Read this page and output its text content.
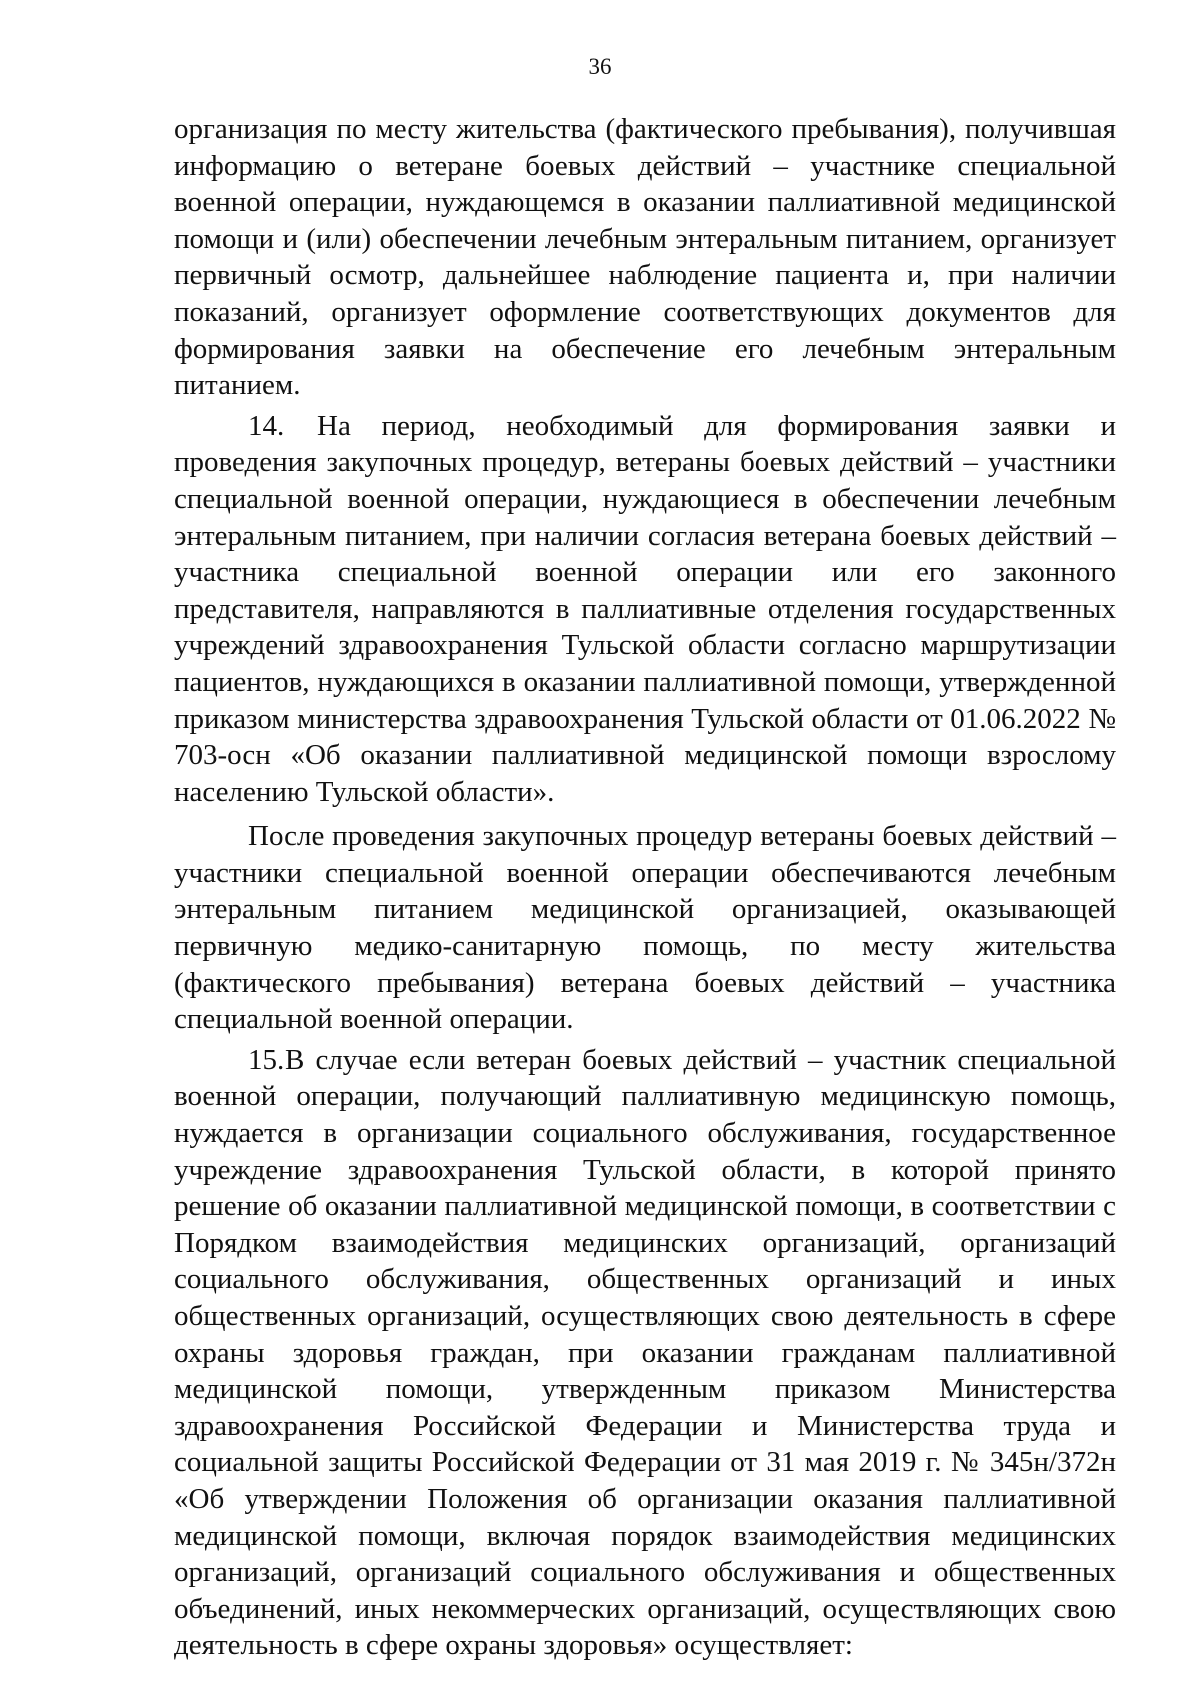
36

организация по месту жительства (фактического пребывания), получившая информацию о ветеране боевых действий – участнике специальной военной операции, нуждающемся в оказании паллиативной медицинской помощи и (или) обеспечении лечебным энтеральным питанием, организует первичный осмотр, дальнейшее наблюдение пациента и, при наличии показаний, организует оформление соответствующих документов для формирования заявки на обеспечение его лечебным энтеральным питанием.

14. На период, необходимый для формирования заявки и проведения закупочных процедур, ветераны боевых действий – участники специальной военной операции, нуждающиеся в обеспечении лечебным энтеральным питанием, при наличии согласия ветерана боевых действий – участника специальной военной операции или его законного представителя, направляются в паллиативные отделения государственных учреждений здравоохранения Тульской области согласно маршрутизации пациентов, нуждающихся в оказании паллиативной помощи, утвержденной приказом министерства здравоохранения Тульской области от 01.06.2022 № 703-осн «Об оказании паллиативной медицинской помощи взрослому населению Тульской области».

После проведения закупочных процедур ветераны боевых действий – участники специальной военной операции обеспечиваются лечебным энтеральным питанием медицинской организацией, оказывающей первичную медико-санитарную помощь, по месту жительства (фактического пребывания) ветерана боевых действий – участника специальной военной операции.

15.В случае если ветеран боевых действий – участник специальной военной операции, получающий паллиативную медицинскую помощь, нуждается в организации социального обслуживания, государственное учреждение здравоохранения Тульской области, в которой принято решение об оказании паллиативной медицинской помощи, в соответствии с Порядком взаимодействия медицинских организаций, организаций социального обслуживания, общественных организаций и иных общественных организаций, осуществляющих свою деятельность в сфере охраны здоровья граждан, при оказании гражданам паллиативной медицинской помощи, утвержденным приказом Министерства здравоохранения Российской Федерации и Министерства труда и социальной защиты Российской Федерации от 31 мая 2019 г. № 345н/372н «Об утверждении Положения об организации оказания паллиативной медицинской помощи, включая порядок взаимодействия медицинских организаций, организаций социального обслуживания и общественных объединений, иных некоммерческих организаций, осуществляющих свою деятельность в сфере охраны здоровья» осуществляет:
